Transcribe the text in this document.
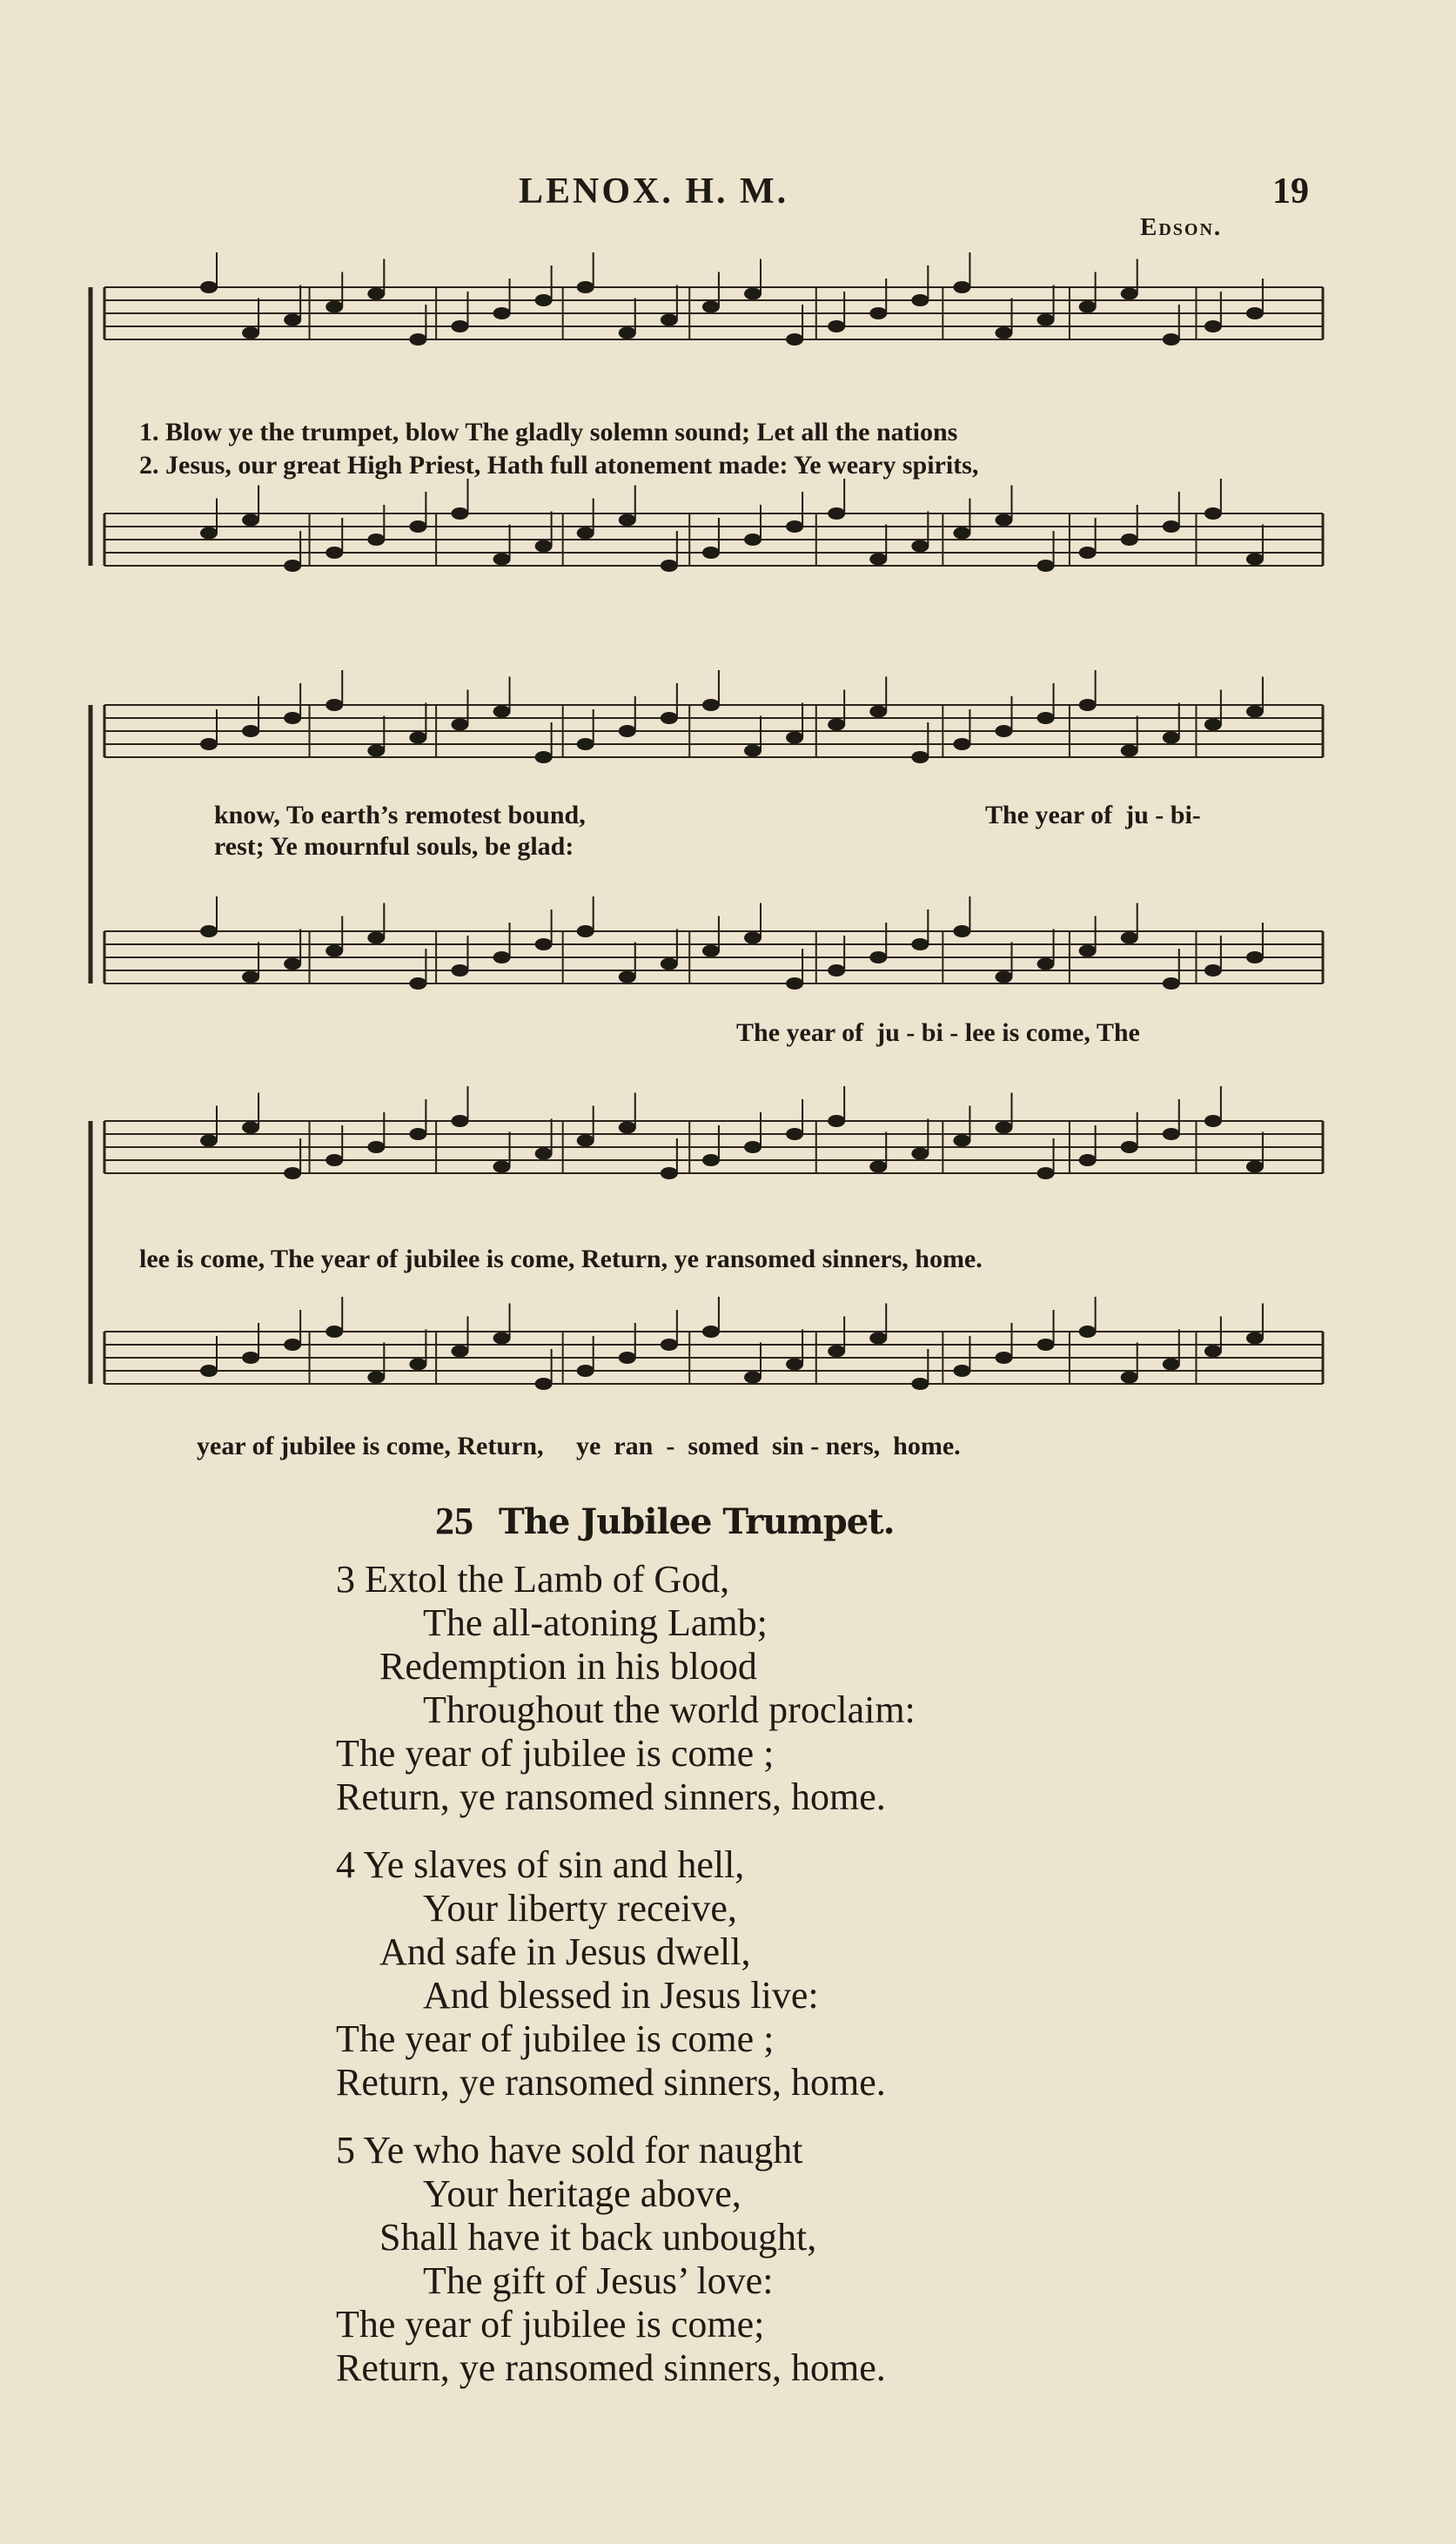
LENOX. H. M.	19
Edson.
1. Blow ye the trumpet, blow The gladly solemn sound; Let all the nations
2. Jesus, our great High Priest, Hath full atonement made: Ye weary spirits,
know, To earth’s remotest bound,	The year of  ju - bi-
rest; Ye mournful souls, be glad:
The year of  ju - bi - lee is come, The
lee is come, The year of jubilee is come, Return, ye ransomed sinners, home.
year of jubilee is come, Return,     ye  ran  -  somed  sin - ners,  home.
25 The Jubilee Trumpet.
3 Extol the Lamb of God,
The all-atoning Lamb;
Redemption in his blood
Throughout the world proclaim:
The year of jubilee is come ;
Return, ye ransomed sinners, home.
4 Ye slaves of sin and hell,
Your liberty receive,
And safe in Jesus dwell,
And blessed in Jesus live:
The year of jubilee is come ;
Return, ye ransomed sinners, home.
5 Ye who have sold for naught
Your heritage above,
Shall have it back unbought,
The gift of Jesus’ love:
The year of jubilee is come;
Return, ye ransomed sinners, home.
